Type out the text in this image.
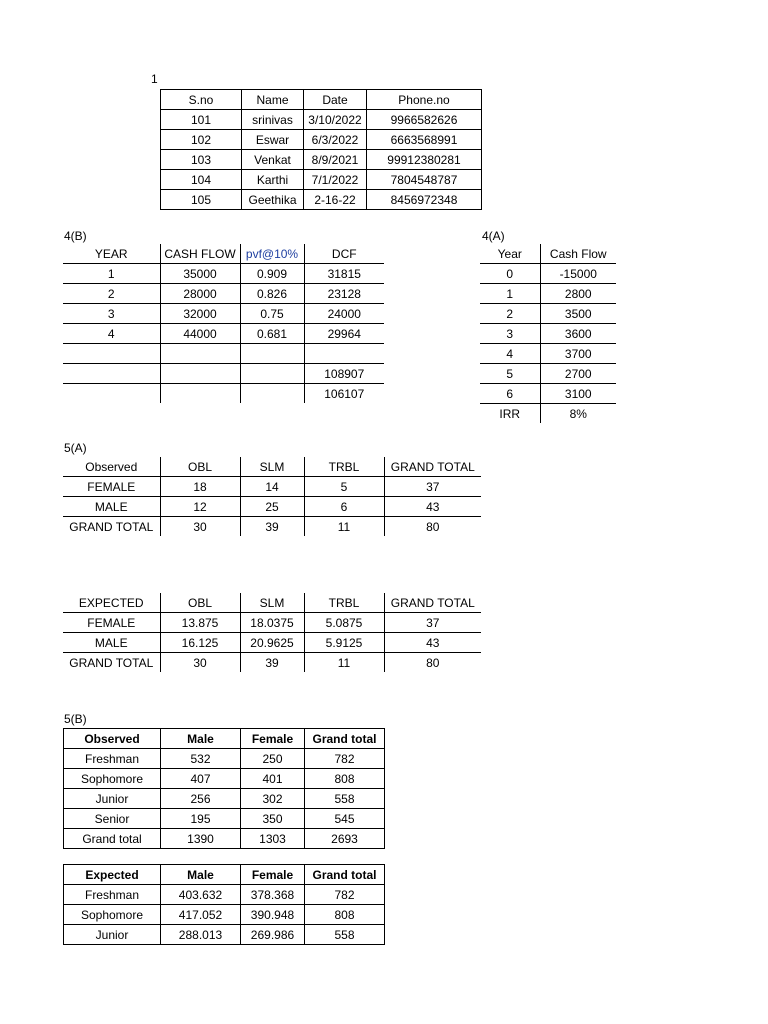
1
S.no	Name	Date	Phone.no
101	srinivas	3/10/2022	9966582626
102	Eswar	6/3/2022	6663568991
103	Venkat	8/9/2021	99912380281
104	Karthi	7/1/2022	7804548787
105	Geethika	2-16-22	8456972348
4(B)
YEAR	CASH FLOW	pvf@10%	DCF
1	35000	0.909	31815
2	28000	0.826	23128
3	32000	0.75	24000
4	44000	0.681	29964

			108907
			106107
4(A)
Year	Cash Flow
0	-15000
1	2800
2	3500
3	3600
4	3700
5	2700
6	3100
IRR	8%
5(A)
Observed	OBL	SLM	TRBL	GRAND TOTAL
FEMALE	18	14	5	37
MALE	12	25	6	43
GRAND TOTAL	30	39	11	80
EXPECTED	OBL	SLM	TRBL	GRAND TOTAL
FEMALE	13.875	18.0375	5.0875	37
MALE	16.125	20.9625	5.9125	43
GRAND TOTAL	30	39	11	80
5(B)
Observed	Male	Female	Grand total
Freshman	532	250	782
Sophomore	407	401	808
Junior	256	302	558
Senior	195	350	545
Grand total	1390	1303	2693
Expected	Male	Female	Grand total
Freshman	403.632	378.368	782
Sophomore	417.052	390.948	808
Junior	288.013	269.986	558
